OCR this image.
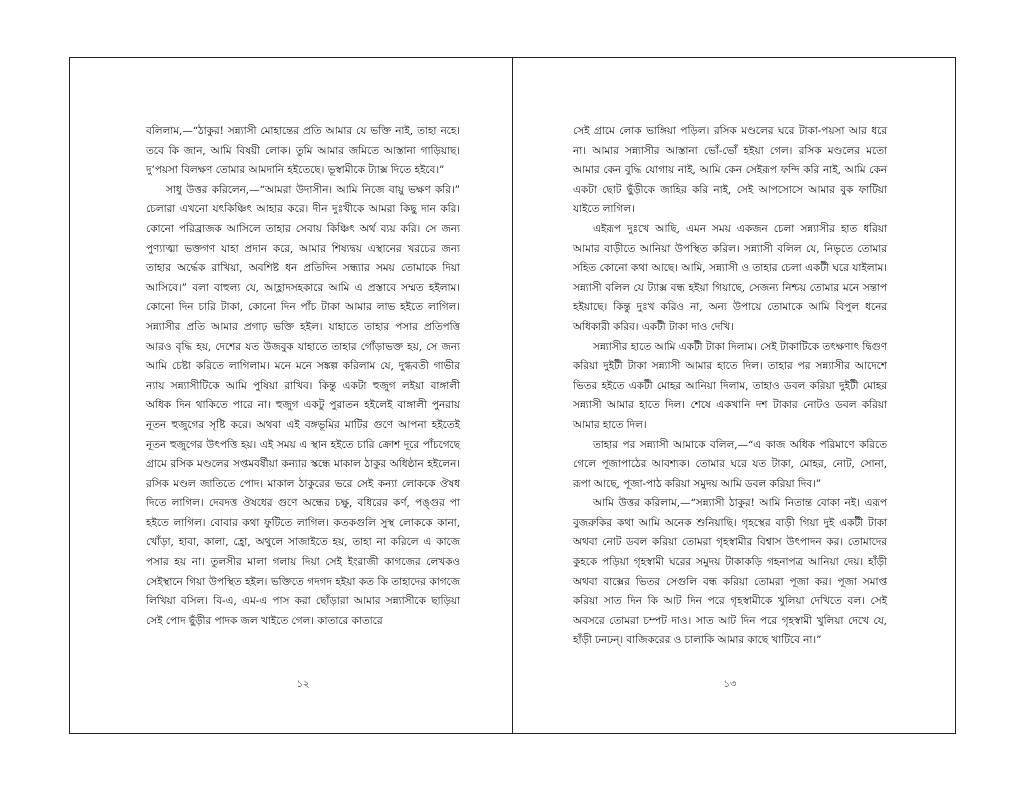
বলিলাম,—“ঠাকুর! সন্ন্যাসী মোহান্তের প্রতি আমার যে ভক্তি নাই, তাহা নহে। তবে কি জান, আমি বিষয়ী লোক। তুমি আমার জমিতে আস্তানা গাড়িয়াছ। দু’পয়সা বিলক্ষণ তোমার আমদানি হইতেছে। ভূস্বামীকে ট্যাক্স দিতে হইবে।”

সাধু উত্তর করিলেন,—“আমরা উদাসীন। আমি নিজে বায়ু ভক্ষণ করি।” চেলারা এখনো যৎকিঞ্চিৎ আহার করে। দীন দুঃখীকে আমরা কিছু দান করি। কোনো পরিব্রাজক আসিলে তাহার সেবায় কিঞ্চিৎ অর্থ ব্যয় করি। সে জন্য পুণ্যাত্মা ভক্তগণ যাহা প্রদান করে, আমার শিষ্যদ্বয় এস্থানের খরচের জন্য তাহার অর্দ্ধেক রাখিয়া, অবশিষ্ট ধন প্রতিদিন সন্ধ্যার সময় তোমাকে দিয়া আসিবে।” বলা বাহুল্য যে, আহ্লাদসহকারে আমি এ প্রস্তাবে সম্মত হইলাম। কোনো দিন চারি টাকা, কোনো দিন পাঁচ টাকা আমার লাভ হইতে লাগিল। সন্ন্যাসীর প্রতি আমার প্রগাঢ় ভক্তি হইল। যাহাতে তাহার পসার প্রতিপত্তি আরও বৃদ্ধি হয়, দেশের যত উজবুক যাহাতে তাহার গোঁড়াভক্ত হয়, সে জন্য আমি চেষ্টা করিতে লাগিলাম। মনে মনে সঙ্কল্প করিলাম যে, দুগ্ধবতী গাভীর ন্যায় সন্ন্যাসীটিকে আমি পুষিয়া রাখিব। কিন্তু একটা হুজুগ লইয়া বাঙ্গালী অধিক দিন থাকিতে পারে না। হুজুগ একটু পুরাতন হইলেই বাঙ্গালী পুনরায় নূতন হুজুগের সৃষ্টি করে। অথবা এই বঙ্গভূমির মাটির গুণে আপনা হইতেই নূতন হুজুগের উৎপত্তি হয়। এই সময় এ স্থান হইতে চারি ক্রোশ দূরে পাঁচগেছে গ্রামে রসিক মণ্ডলের সপ্তমবর্ষীয়া কন্যার স্কন্ধে মাকাল ঠাকুর অধিষ্ঠান হইলেন। রসিক মণ্ডল জাতিতে পোদ। মাকাল ঠাকুরের ভরে সেই কন্যা লোককে ঔষধ দিতে লাগিল। দেবদত্ত ঔষধের গুণে অন্ধের চক্ষু, বধিরের কর্ণ, পঙ্গুর পা হইতে লাগিল। বোবার কথা ফুটিতে লাগিল। কতকগুলি সুস্থ লোককে কানা, খোঁড়া, হাবা, কালা, হ্রো, অথুলে সাজাইতে হয়, তাহা না করিলে এ কাজে পসার হয় না। তুলসীর মালা গলায় দিয়া সেই ইংরাজী কাগজের লেখকও সেইস্থানে গিয়া উপস্থিত হইল। ভক্তিতে গদগদ হইয়া কত কি তাহাদের কাগজে লিখিয়া বসিল। বি-এ, এম-এ পাস করা ছোঁড়ারা আমার সন্ন্যাসীকে ছাড়িয়া সেই পোদ ছুঁড়ীর পাদক জল খাইতে গেল। কাতারে কাতারে

১২

সেই গ্রামে লোক ভাঙ্গিয়া পড়িল। রসিক মণ্ডলের ঘরে টাকা-পয়সা আর ধরে না। আমার সন্ন্যাসীর আস্তানা ভোঁ-ভোঁ হইয়া গেল। রসিক মণ্ডলের মতো আমার কেন বুদ্ধি যোগায় নাই, আমি কেন সেইরূপ ফন্দি করি নাই, আমি কেন একটা ছোট ছুঁড়ীকে জাহির করি নাই, সেই আপসোসে আমার বুক ফাটিয়া যাইতে লাগিল।

এইরূপ দুঃখে আছি, এমন সময় একজন চেলা সন্ন্যাসীর হাত ধরিয়া আমার বাড়ীতে আনিয়া উপস্থিত করিল। সন্ন্যাসী বলিল যে, নিভৃতে তোমার সহিত কোনো কথা আছে। আমি, সন্ন্যাসী ও তাহার চেলা একটী ঘরে যাইলাম। সন্ন্যাসী বলিল যে ট্যাক্স বন্ধ হইয়া গিয়াছে, সেজন্য নিশ্চয় তোমার মনে সন্তাপ হইয়াছে। কিন্তু দুঃখ করিও না, অন্য উপায়ে তোমাকে আমি বিপুল ধনের অধিকারী করিব। একটী টাকা দাও দেখি।

সন্ন্যাসীর হাতে আমি একটী টাকা দিলাম। সেই টাকাটিকে তৎক্ষণাৎ দ্বিগুণ করিয়া দুইটী টাকা সন্ন্যাসী আমার হাতে দিল। তাহার পর সন্ন্যাসীর আদেশে ভিতর হইতে একটী মোহর আনিয়া দিলাম, তাহাও ডবল করিয়া দুইটী মোহর সন্ন্যাসী আমার হাতে দিল। শেষে একখানি দশ টাকার নোটও ডবল করিয়া আমার হাতে দিল।

তাহার পর সন্ন্যাসী আমাকে বলিল,—“এ কাজ অধিক পরিমাণে করিতে গেলে পূজাপাঠের আবশ্যক। তোমার ঘরে যত টাকা, মোহর, নোট, সোনা, রূপা আছে, পূজা-পাঠ করিয়া সমুদয় আমি ডবল করিয়া দিব।”

আমি উত্তর করিলাম,—“সন্ন্যাসী ঠাকুর! আমি নিতান্ত বোকা নই। এরূপ বুজরুকির কথা আমি অনেক শুনিয়াছি। গৃহস্থের বাড়ী গিয়া দুই একটী টাকা অথবা নোট ডবল করিয়া তোমরা গৃহস্বামীর বিশ্বাস উৎপাদন কর। তোমাদের কুহকে পড়িয়া গৃহস্বামী ঘরের সমুদয় টাকাকড়ি গহনাপত্র আনিয়া দেয়। হাঁড়ী অথবা বাক্সের ভিতর সেগুলি বন্ধ করিয়া তোমরা পূজা কর। পূজা সমাপ্ত করিয়া সাত দিন কি আট দিন পরে গৃহস্বামীকে খুলিয়া দেখিতে বল। সেই অবসরে তোমরা চম্পট দাও। সাত আট দিন পরে গৃহস্বামী খুলিয়া দেখে যে, হাঁড়ী ঢনঢন্। বাজিকরের ও চালাকি আমার কাছে খাটিবে না।”

১৩
